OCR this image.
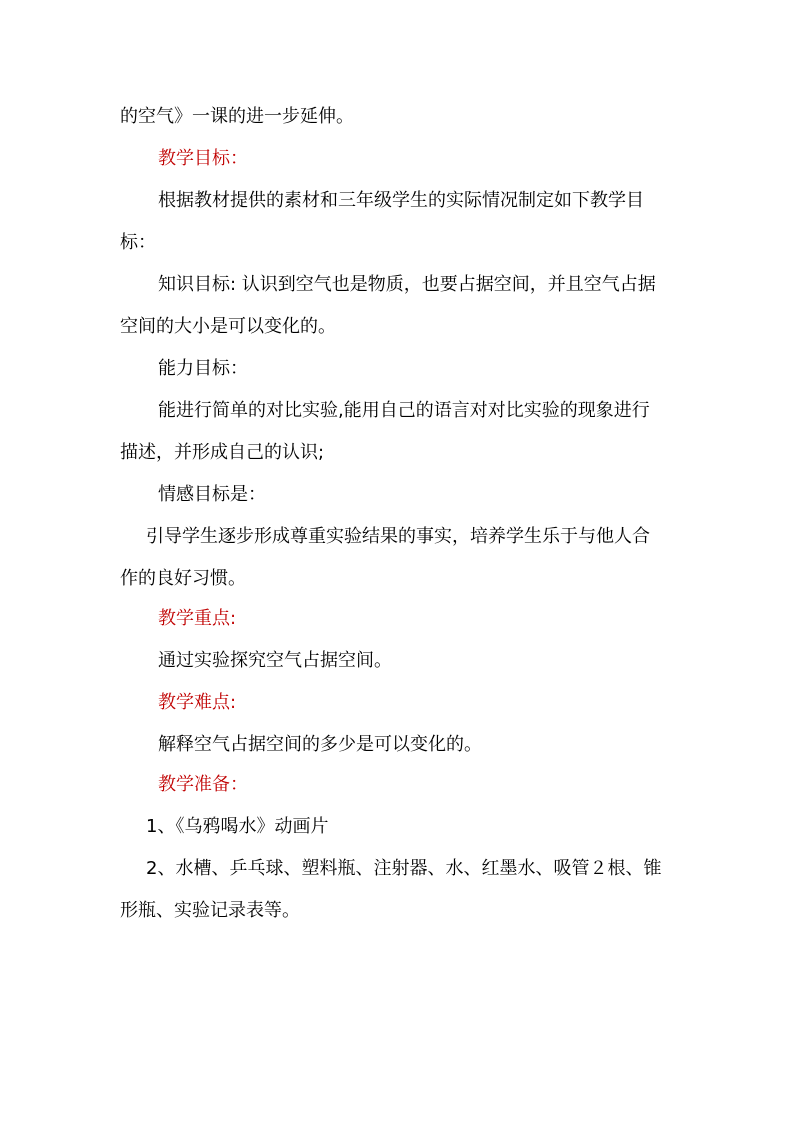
的空气》一课的进一步延伸。
教学目标：
根据教材提供的素材和三年级学生的实际情况制定如下教学目
标：
知识目标: 认识到空气也是物质，也要占据空间，并且空气占据
空间的大小是可以变化的。
能力目标：
能进行简单的对比实验,能用自己的语言对对比实验的现象进行
描述，并形成自己的认识;
情感目标是：
引导学生逐步形成尊重实验结果的事实，培养学生乐于与他人合
作的良好习惯。
教学重点:
通过实验探究空气占据空间。
教学难点:
解释空气占据空间的多少是可以变化的。
教学准备：
1、《乌鸦喝水》动画片
2、水槽、乒乓球、塑料瓶、注射器、水、红墨水、吸管２根、锥
形瓶、实验记录表等。
